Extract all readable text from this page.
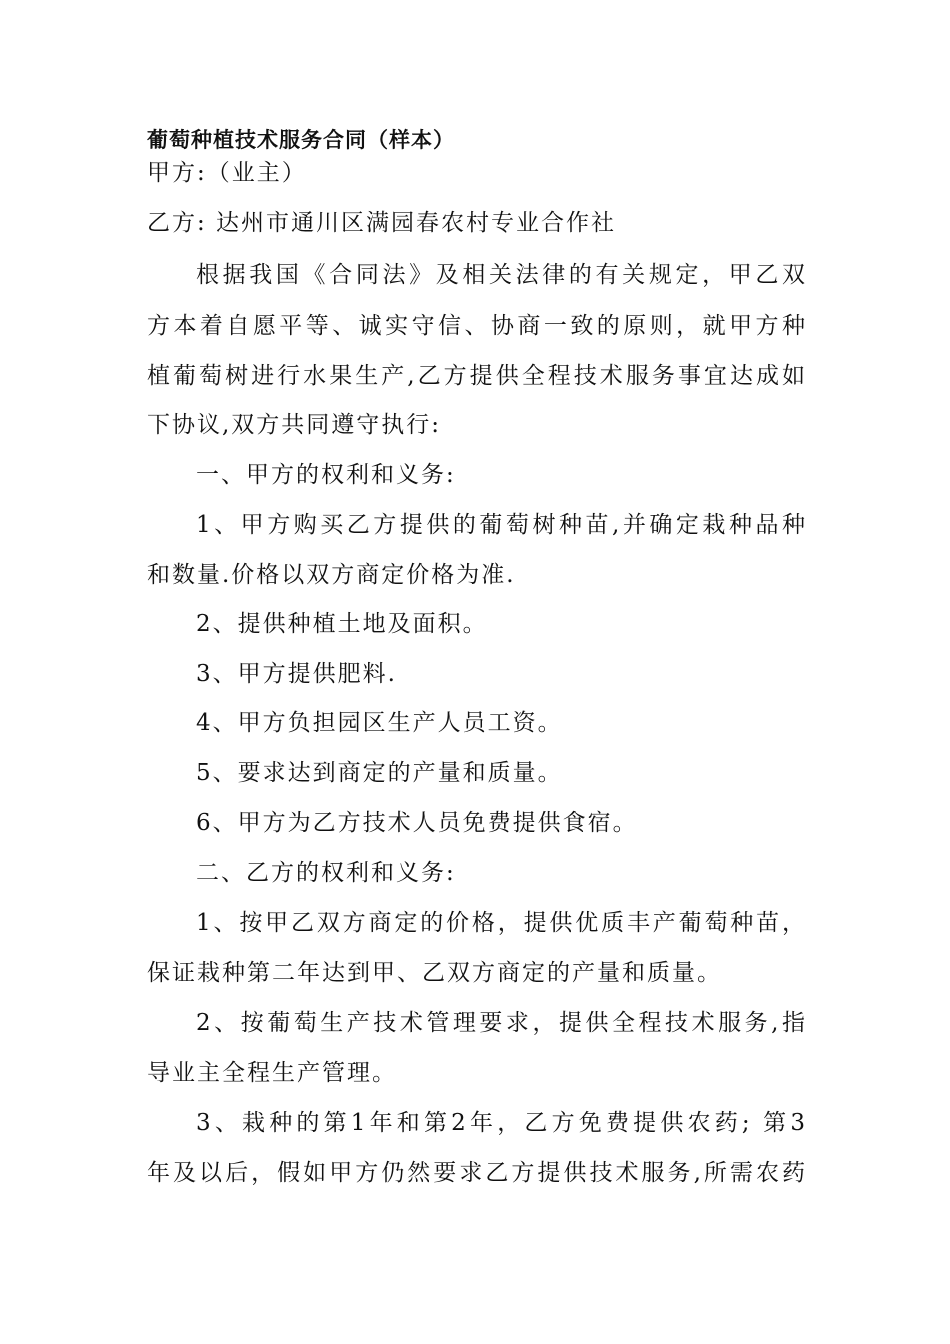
葡萄种植技术服务合同（样本）
甲方:（业主）
乙方: 达州市通川区满园春农村专业合作社
根据我国《合同法》及相关法律的有关规定，甲乙双
方本着自愿平等、诚实守信、协商一致的原则，就甲方种
植葡萄树进行水果生产,乙方提供全程技术服务事宜达成如
下协议,双方共同遵守执行:
一、甲方的权利和义务:
1、甲方购买乙方提供的葡萄树种苗,并确定栽种品种
和数量.价格以双方商定价格为准.
2、提供种植土地及面积。
3、甲方提供肥料.
4、甲方负担园区生产人员工资。
5、要求达到商定的产量和质量。
6、甲方为乙方技术人员免费提供食宿。
二、乙方的权利和义务:
1、按甲乙双方商定的价格，提供优质丰产葡萄种苗，
保证栽种第二年达到甲、乙双方商定的产量和质量。
2、按葡萄生产技术管理要求，提供全程技术服务,指
导业主全程生产管理。
3、栽种的第1年和第2年，乙方免费提供农药; 第3
年及以后，假如甲方仍然要求乙方提供技术服务,所需农药
